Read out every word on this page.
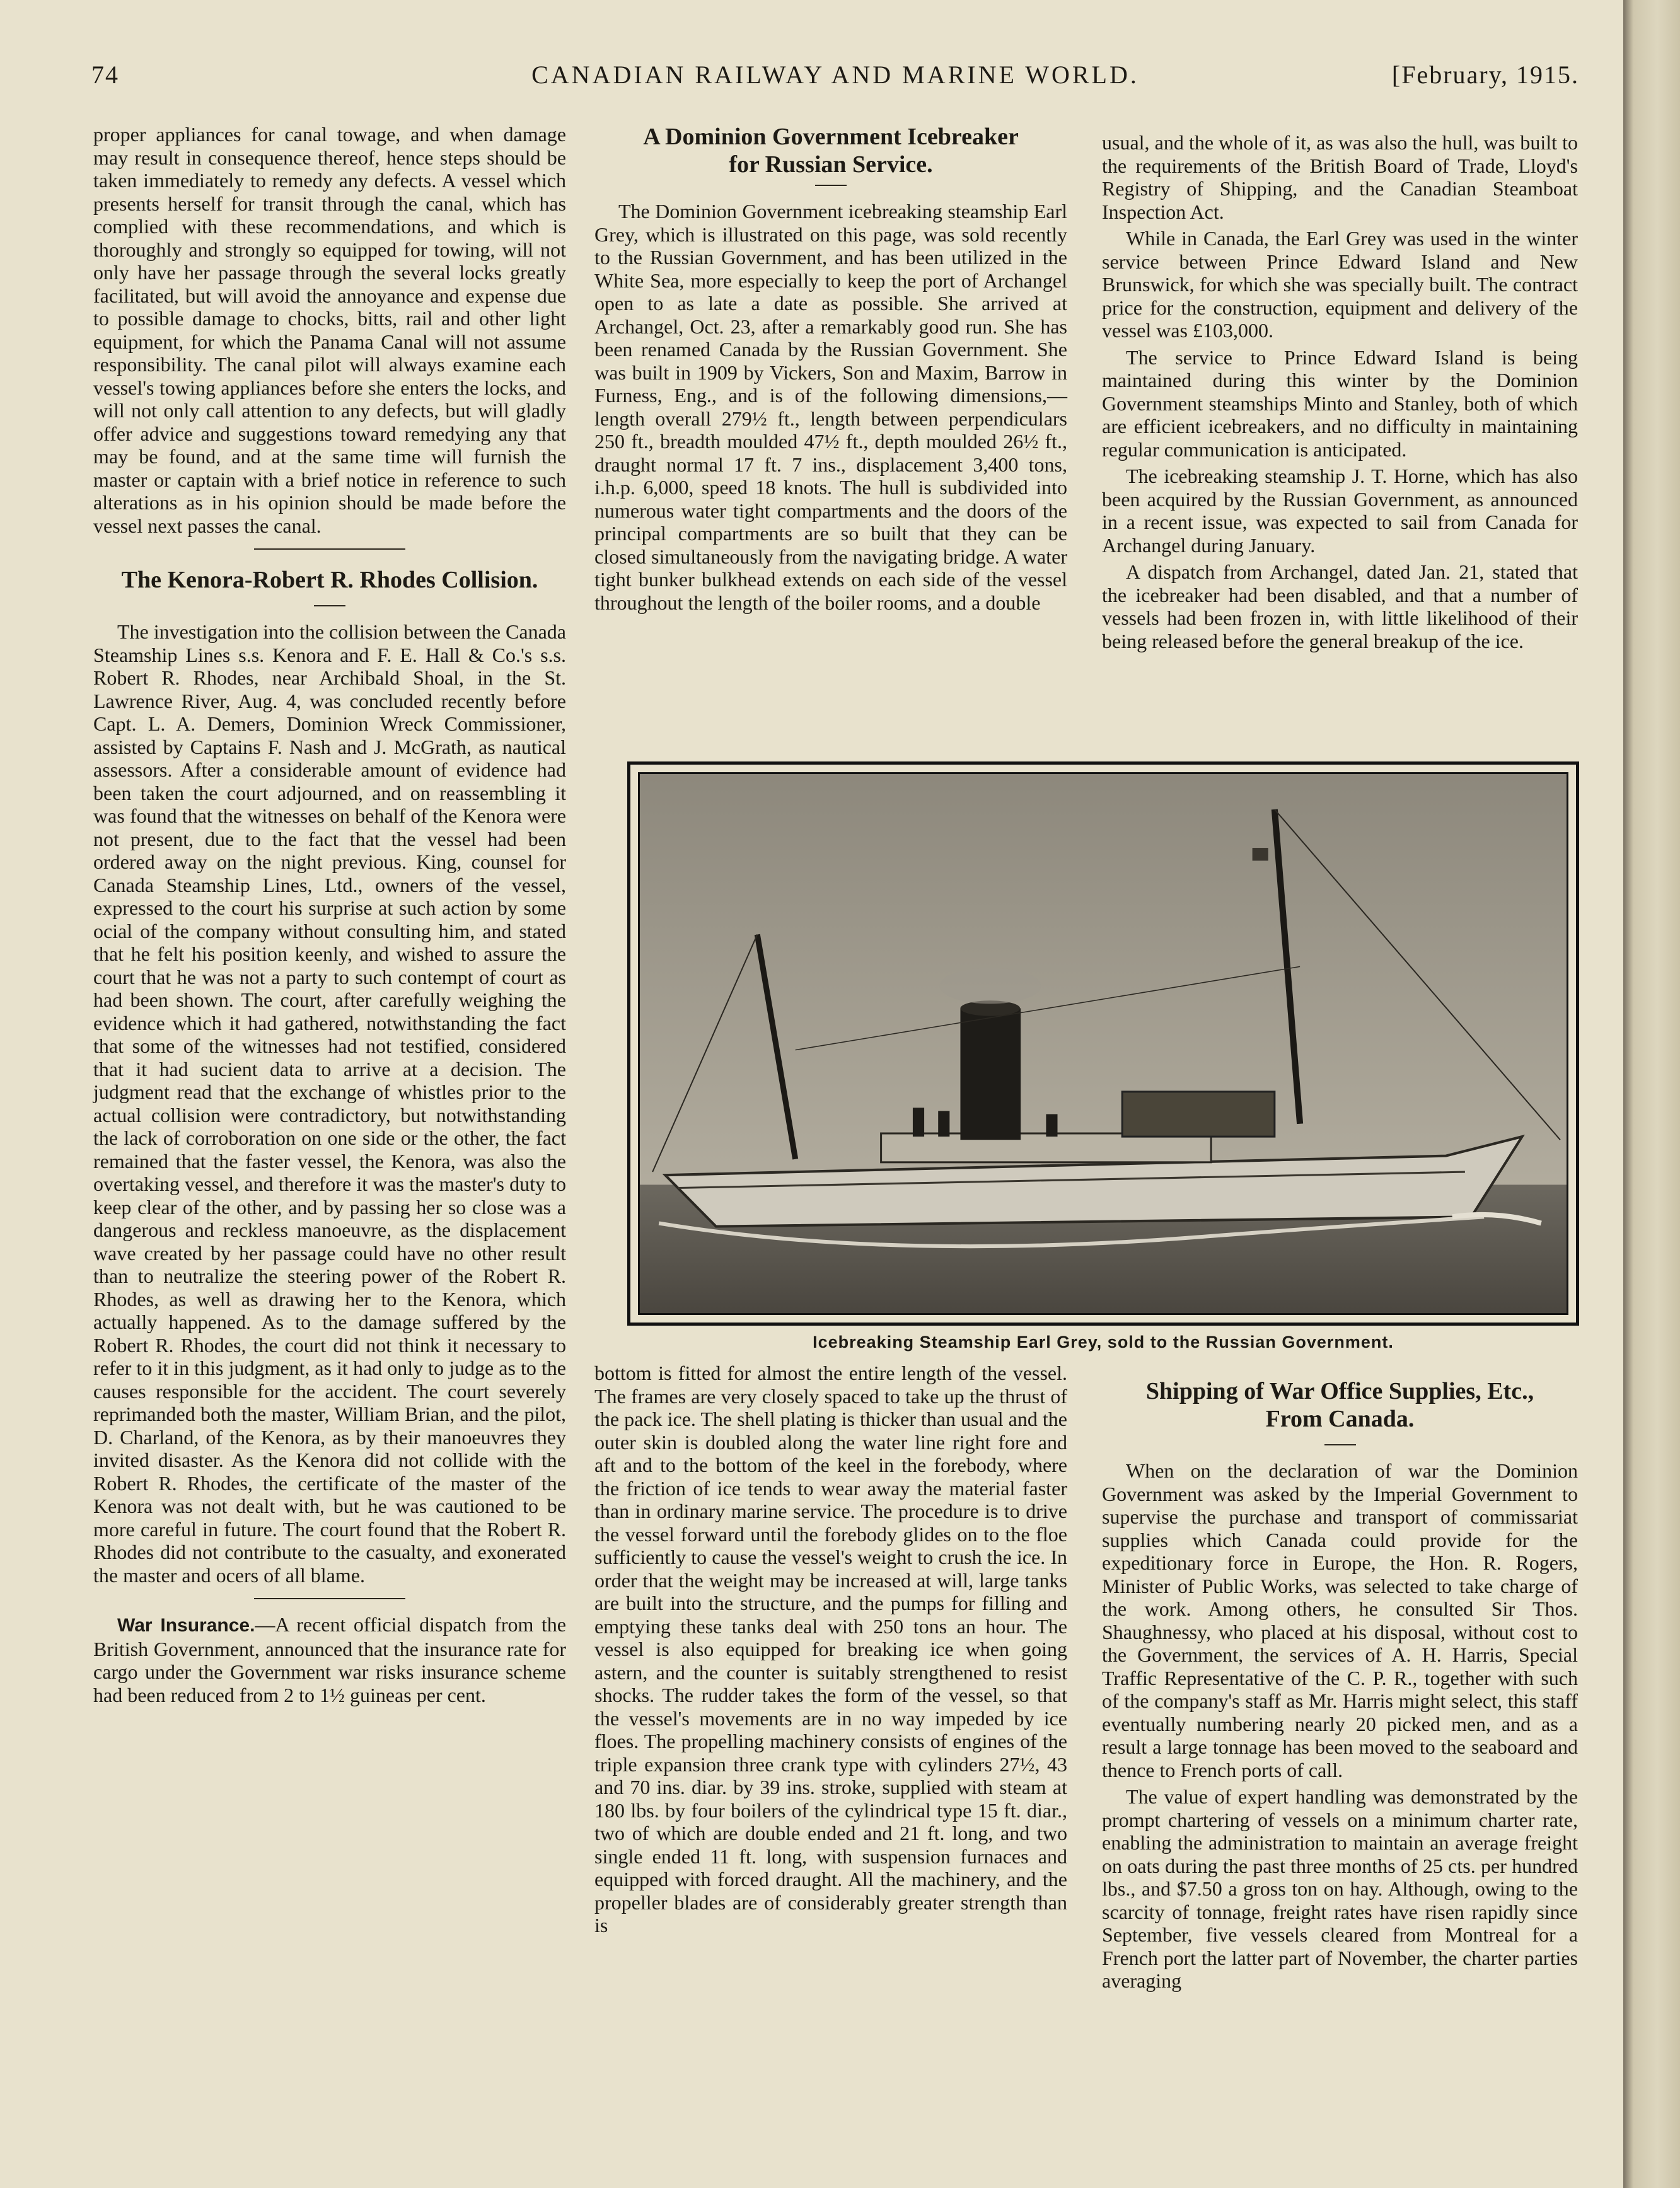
74	CANADIAN RAILWAY AND MARINE WORLD.	[February, 1915.

proper appliances for canal towage, and when damage may result in consequence thereof, hence steps should be taken immediately to remedy any defects. A vessel which presents herself for transit through the canal, which has complied with these recommendations, and which is thoroughly and strongly so equipped for towing, will not only have her passage through the several locks greatly facilitated, but will avoid the annoyance and expense due to possible damage to chocks, bitts, rail and other light equipment, for which the Panama Canal will not assume responsibility. The canal pilot will always examine each vessel's towing appliances before she enters the locks, and will not only call attention to any defects, but will gladly offer advice and suggestions toward remedying any that may be found, and at the same time will furnish the master or captain with a brief notice in reference to such alterations as in his opinion should be made before the vessel next passes the canal.

The Kenora-Robert R. Rhodes Collision.

The investigation into the collision between the Canada Steamship Lines s.s. Kenora and F. E. Hall & Co.'s s.s. Robert R. Rhodes, near Archibald Shoal, in the St. Lawrence River, Aug. 4, was concluded recently before Capt. L. A. Demers, Dominion Wreck Commissioner, assisted by Captains F. Nash and J. McGrath, as nautical assessors. After a considerable amount of evidence had been taken the court adjourned, and on reassembling it was found that the witnesses on behalf of the Kenora were not present, due to the fact that the vessel had been ordered away on the night previous. King, counsel for Canada Steamship Lines, Ltd., owners of the vessel, expressed to the court his surprise at such action by some ocial of the company without consulting him, and stated that he felt his position keenly, and wished to assure the court that he was not a party to such contempt of court as had been shown. The court, after carefully weighing the evidence which it had gathered, notwithstanding the fact that some of the witnesses had not testified, considered that it had sucient data to arrive at a decision. The judgment read that the exchange of whistles prior to the actual collision were contradictory, but notwithstanding the lack of corroboration on one side or the other, the fact remained that the faster vessel, the Kenora, was also the overtaking vessel, and therefore it was the master's duty to keep clear of the other, and by passing her so close was a dangerous and reckless manoeuvre, as the displacement wave created by her passage could have no other result than to neutralize the steering power of the Robert R. Rhodes, as well as drawing her to the Kenora, which actually happened. As to the damage suffered by the Robert R. Rhodes, the court did not think it necessary to refer to it in this judgment, as it had only to judge as to the causes responsible for the accident. The court severely reprimanded both the master, William Brian, and the pilot, D. Charland, of the Kenora, as by their manoeuvres they invited disaster. As the Kenora did not collide with the Robert R. Rhodes, the certificate of the master of the Kenora was not dealt with, but he was cautioned to be more careful in future. The court found that the Robert R. Rhodes did not contribute to the casualty, and exonerated the master and ocers of all blame.

War Insurance.—A recent official dispatch from the British Government, announced that the insurance rate for cargo under the Government war risks insurance scheme had been reduced from 2 to 1½ guineas per cent.

A Dominion Government Icebreaker
for Russian Service.

The Dominion Government icebreaking steamship Earl Grey, which is illustrated on this page, was sold recently to the Russian Government, and has been utilized in the White Sea, more especially to keep the port of Archangel open to as late a date as possible. She arrived at Archangel, Oct. 23, after a remarkably good run. She has been renamed Canada by the Russian Government. She was built in 1909 by Vickers, Son and Maxim, Barrow in Furness, Eng., and is of the following dimensions,—length overall 279½ ft., length between perpendiculars 250 ft., breadth moulded 47½ ft., depth moulded 26½ ft., draught normal 17 ft. 7 ins., displacement 3,400 tons, i.h.p. 6,000, speed 18 knots. The hull is subdivided into numerous water tight compartments and the doors of the principal compartments are so built that they can be closed simultaneously from the navigating bridge. A water tight bunker bulkhead extends on each side of the vessel throughout the length of the boiler rooms, and a double

usual, and the whole of it, as was also the hull, was built to the requirements of the British Board of Trade, Lloyd's Registry of Shipping, and the Canadian Steamboat Inspection Act.

While in Canada, the Earl Grey was used in the winter service between Prince Edward Island and New Brunswick, for which she was specially built. The contract price for the construction, equipment and delivery of the vessel was £103,000.

The service to Prince Edward Island is being maintained during this winter by the Dominion Government steamships Minto and Stanley, both of which are efficient icebreakers, and no difficulty in maintaining regular communication is anticipated.

The icebreaking steamship J. T. Horne, which has also been acquired by the Russian Government, as announced in a recent issue, was expected to sail from Canada for Archangel during January.

A dispatch from Archangel, dated Jan. 21, stated that the icebreaker had been disabled, and that a number of vessels had been frozen in, with little likelihood of their being released before the general breakup of the ice.

Icebreaking Steamship Earl Grey, sold to the Russian Government.

bottom is fitted for almost the entire length of the vessel. The frames are very closely spaced to take up the thrust of the pack ice. The shell plating is thicker than usual and the outer skin is doubled along the water line right fore and aft and to the bottom of the keel in the forebody, where the friction of ice tends to wear away the material faster than in ordinary marine service. The procedure is to drive the vessel forward until the forebody glides on to the floe sufficiently to cause the vessel's weight to crush the ice. In order that the weight may be increased at will, large tanks are built into the structure, and the pumps for filling and emptying these tanks deal with 250 tons an hour. The vessel is also equipped for breaking ice when going astern, and the counter is suitably strengthened to resist shocks. The rudder takes the form of the vessel, so that the vessel's movements are in no way impeded by ice floes. The propelling machinery consists of engines of the triple expansion three crank type with cylinders 27½, 43 and 70 ins. diar. by 39 ins. stroke, supplied with steam at 180 lbs. by four boilers of the cylindrical type 15 ft. diar., two of which are double ended and 21 ft. long, and two single ended 11 ft. long, with suspension furnaces and equipped with forced draught. All the machinery, and the propeller blades are of considerably greater strength than is

Shipping of War Office Supplies, Etc.,
From Canada.

When on the declaration of war the Dominion Government was asked by the Imperial Government to supervise the purchase and transport of commissariat supplies which Canada could provide for the expeditionary force in Europe, the Hon. R. Rogers, Minister of Public Works, was selected to take charge of the work. Among others, he consulted Sir Thos. Shaughnessy, who placed at his disposal, without cost to the Government, the services of A. H. Harris, Special Traffic Representative of the C. P. R., together with such of the company's staff as Mr. Harris might select, this staff eventually numbering nearly 20 picked men, and as a result a large tonnage has been moved to the seaboard and thence to French ports of call.

The value of expert handling was demonstrated by the prompt chartering of vessels on a minimum charter rate, enabling the administration to maintain an average freight on oats during the past three months of 25 cts. per hundred lbs., and $7.50 a gross ton on hay. Although, owing to the scarcity of tonnage, freight rates have risen rapidly since September, five vessels cleared from Montreal for a French port the latter part of November, the charter parties averaging
